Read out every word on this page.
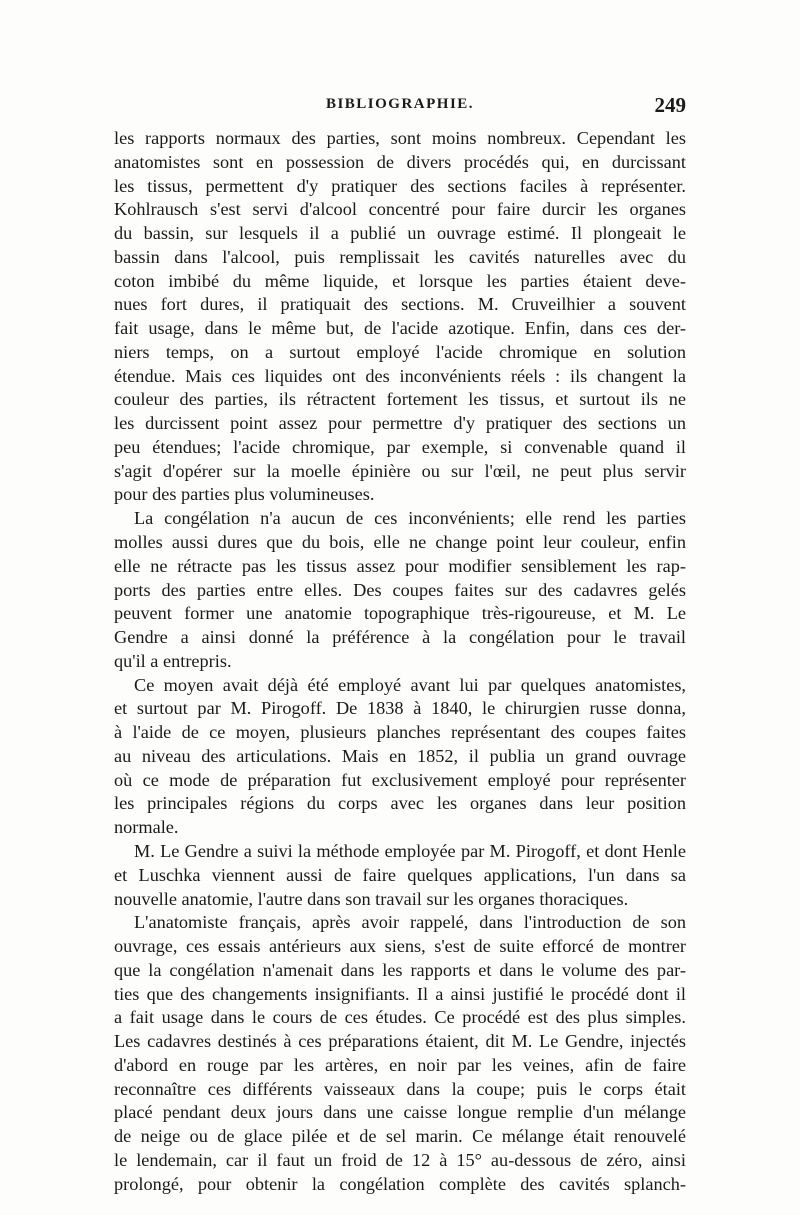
BIBLIOGRAPHIE.	249
les rapports normaux des parties, sont moins nombreux. Cependant les
anatomistes sont en possession de divers procédés qui, en durcissant
les tissus, permettent d'y pratiquer des sections faciles à représenter.
Kohlrausch s'est servi d'alcool concentré pour faire durcir les organes
du bassin, sur lesquels il a publié un ouvrage estimé. Il plongeait le
bassin dans l'alcool, puis remplissait les cavités naturelles avec du
coton imbibé du même liquide, et lorsque les parties étaient deve-
nues fort dures, il pratiquait des sections. M. Cruveilhier a souvent
fait usage, dans le même but, de l'acide azotique. Enfin, dans ces der-
niers temps, on a surtout employé l'acide chromique en solution
étendue. Mais ces liquides ont des inconvénients réels : ils changent la
couleur des parties, ils rétractent fortement les tissus, et surtout ils ne
les durcissent point assez pour permettre d'y pratiquer des sections un
peu étendues; l'acide chromique, par exemple, si convenable quand il
s'agit d'opérer sur la moelle épinière ou sur l'œil, ne peut plus servir
pour des parties plus volumineuses.
La congélation n'a aucun de ces inconvénients; elle rend les parties
molles aussi dures que du bois, elle ne change point leur couleur, enfin
elle ne rétracte pas les tissus assez pour modifier sensiblement les rap-
ports des parties entre elles. Des coupes faites sur des cadavres gelés
peuvent former une anatomie topographique très-rigoureuse, et M. Le
Gendre a ainsi donné la préférence à la congélation pour le travail
qu'il a entrepris.
Ce moyen avait déjà été employé avant lui par quelques anatomistes,
et surtout par M. Pirogoff. De 1838 à 1840, le chirurgien russe donna,
à l'aide de ce moyen, plusieurs planches représentant des coupes faites
au niveau des articulations. Mais en 1852, il publia un grand ouvrage
où ce mode de préparation fut exclusivement employé pour représenter
les principales régions du corps avec les organes dans leur position
normale.
M. Le Gendre a suivi la méthode employée par M. Pirogoff, et dont Henle
et Luschka viennent aussi de faire quelques applications, l'un dans sa
nouvelle anatomie, l'autre dans son travail sur les organes thoraciques.
L'anatomiste français, après avoir rappelé, dans l'introduction de son
ouvrage, ces essais antérieurs aux siens, s'est de suite efforcé de montrer
que la congélation n'amenait dans les rapports et dans le volume des par-
ties que des changements insignifiants. Il a ainsi justifié le procédé dont il
a fait usage dans le cours de ces études. Ce procédé est des plus simples.
Les cadavres destinés à ces préparations étaient, dit M. Le Gendre, injectés
d'abord en rouge par les artères, en noir par les veines, afin de faire
reconnaître ces différents vaisseaux dans la coupe; puis le corps était
placé pendant deux jours dans une caisse longue remplie d'un mélange
de neige ou de glace pilée et de sel marin. Ce mélange était renouvelé
le lendemain, car il faut un froid de 12 à 15° au-dessous de zéro, ainsi
prolongé, pour obtenir la congélation complète des cavités splanch-
